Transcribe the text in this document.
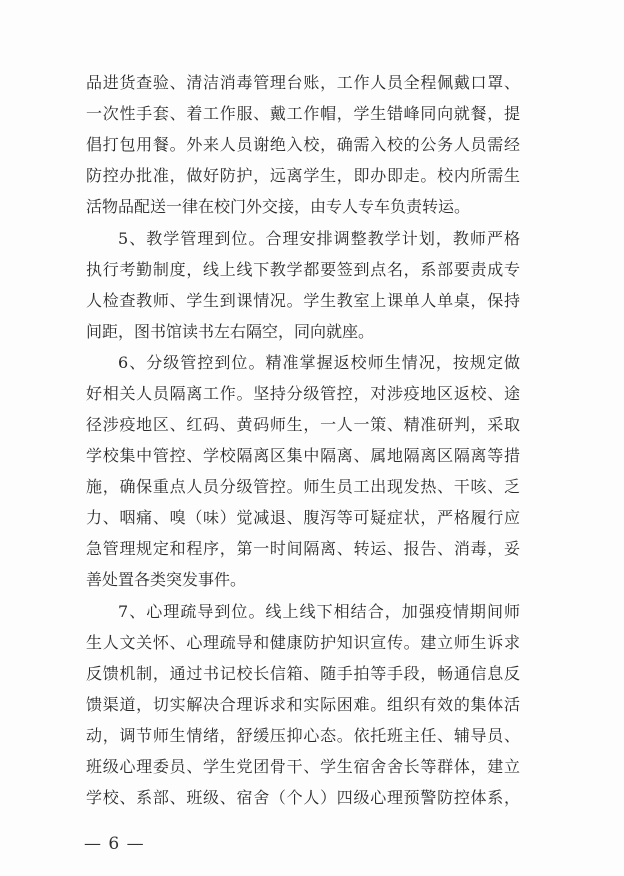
品进货查验、清洁消毒管理台账，工作人员全程佩戴口罩、
一次性手套、着工作服、戴工作帽，学生错峰同向就餐，提
倡打包用餐。外来人员谢绝入校，确需入校的公务人员需经
防控办批准，做好防护，远离学生，即办即走。校内所需生
活物品配送一律在校门外交接，由专人专车负责转运。
5、教学管理到位。合理安排调整教学计划，教师严格
执行考勤制度，线上线下教学都要签到点名，系部要责成专
人检查教师、学生到课情况。学生教室上课单人单桌，保持
间距，图书馆读书左右隔空，同向就座。
6、分级管控到位。精准掌握返校师生情况，按规定做
好相关人员隔离工作。坚持分级管控，对涉疫地区返校、途
径涉疫地区、红码、黄码师生，一人一策、精准研判，采取
学校集中管控、学校隔离区集中隔离、属地隔离区隔离等措
施，确保重点人员分级管控。师生员工出现发热、干咳、乏
力、咽痛、嗅（味）觉减退、腹泻等可疑症状，严格履行应
急管理规定和程序，第一时间隔离、转运、报告、消毒，妥
善处置各类突发事件。
7、心理疏导到位。线上线下相结合，加强疫情期间师
生人文关怀、心理疏导和健康防护知识宣传。建立师生诉求
反馈机制，通过书记校长信箱、随手拍等手段，畅通信息反
馈渠道，切实解决合理诉求和实际困难。组织有效的集体活
动，调节师生情绪，舒缓压抑心态。依托班主任、辅导员、
班级心理委员、学生党团骨干、学生宿舍舍长等群体，建立
学校、系部、班级、宿舍（个人）四级心理预警防控体系，
— 6 —
